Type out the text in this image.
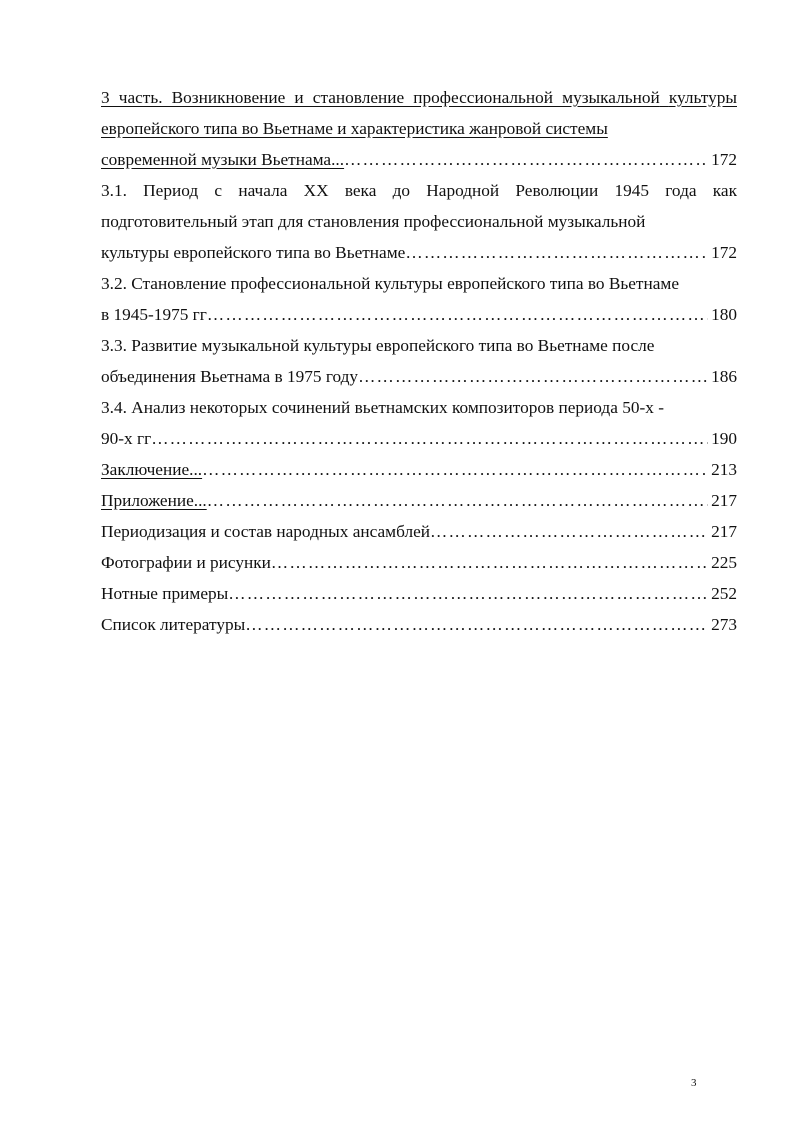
3 часть. Возникновение и становление профессиональной музыкальной культуры европейского типа во Вьетнаме и характеристика жанровой системы
современной музыки Вьетнама... …………………………………………………………………………………………………………………………………………………………	172
3.1. Период с начала XX века до Народной Революции 1945 года как подготовительный этап для становления профессиональной музыкальной
культуры европейского типа во Вьетнаме …………………………………………………………………………………………………………………………………………………………	172
3.2. Становление профессиональной культуры европейского типа во Вьетнаме
в 1945-1975 гг …………………………………………………………………………………………………………………………………………………………	180
3.3. Развитие музыкальной культуры европейского типа во Вьетнаме после
объединения Вьетнама в 1975 году …………………………………………………………………………………………………………………………………………………………	186
3.4. Анализ некоторых сочинений вьетнамских композиторов периода 50-х -
90-х гг …………………………………………………………………………………………………………………………………………………………	190
Заключение... …………………………………………………………………………………………………………………………………………………………	213
Приложение... …………………………………………………………………………………………………………………………………………………………	217
Периодизация и состав народных ансамблей …………………………………………………………………………………………………………………………………………………………	217
Фотографии и рисунки …………………………………………………………………………………………………………………………………………………………	225
Нотные примеры …………………………………………………………………………………………………………………………………………………………	252
Список литературы …………………………………………………………………………………………………………………………………………………………	273
3
